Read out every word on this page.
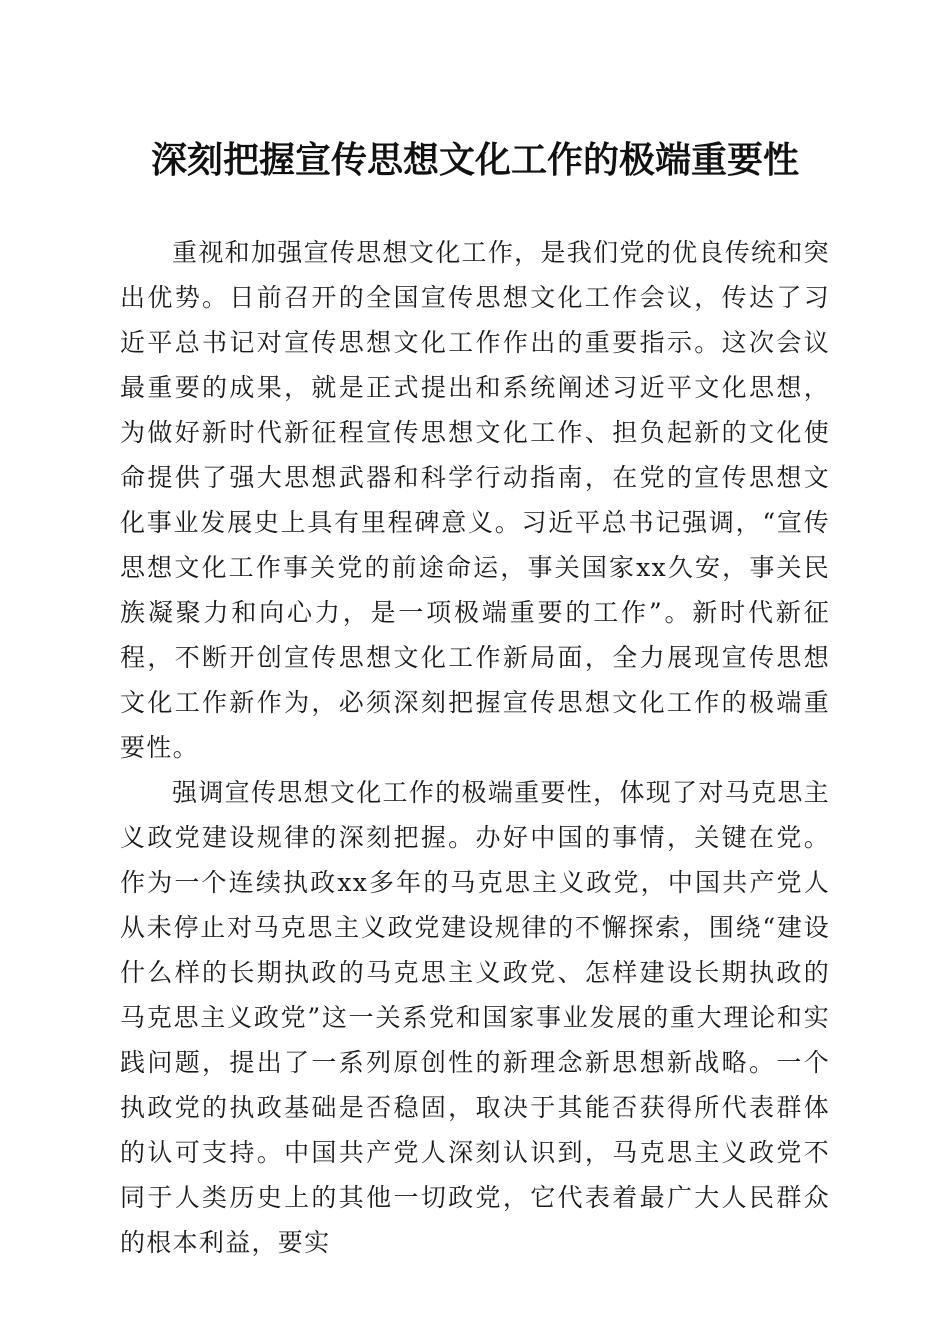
深刻把握宣传思想文化工作的极端重要性

重视和加强宣传思想文化工作，是我们党的优良传统和突出优势。日前召开的全国宣传思想文化工作会议，传达了习近平总书记对宣传思想文化工作作出的重要指示。这次会议最重要的成果，就是正式提出和系统阐述习近平文化思想，为做好新时代新征程宣传思想文化工作、担负起新的文化使命提供了强大思想武器和科学行动指南，在党的宣传思想文化事业发展史上具有里程碑意义。习近平总书记强调，“宣传思想文化工作事关党的前途命运，事关国家xx久安，事关民族凝聚力和向心力，是一项极端重要的工作”。新时代新征程，不断开创宣传思想文化工作新局面，全力展现宣传思想文化工作新作为，必须深刻把握宣传思想文化工作的极端重要性。

强调宣传思想文化工作的极端重要性，体现了对马克思主义政党建设规律的深刻把握。办好中国的事情，关键在党。作为一个连续执政xx多年的马克思主义政党，中国共产党人从未停止对马克思主义政党建设规律的不懈探索，围绕“建设什么样的长期执政的马克思主义政党、怎样建设长期执政的马克思主义政党”这一关系党和国家事业发展的重大理论和实践问题，提出了一系列原创性的新理念新思想新战略。一个执政党的执政基础是否稳固，取决于其能否获得所代表群体的认可支持。中国共产党人深刻认识到，马克思主义政党不同于人类历史上的其他一切政党，它代表着最广大人民群众的根本利益，要实
